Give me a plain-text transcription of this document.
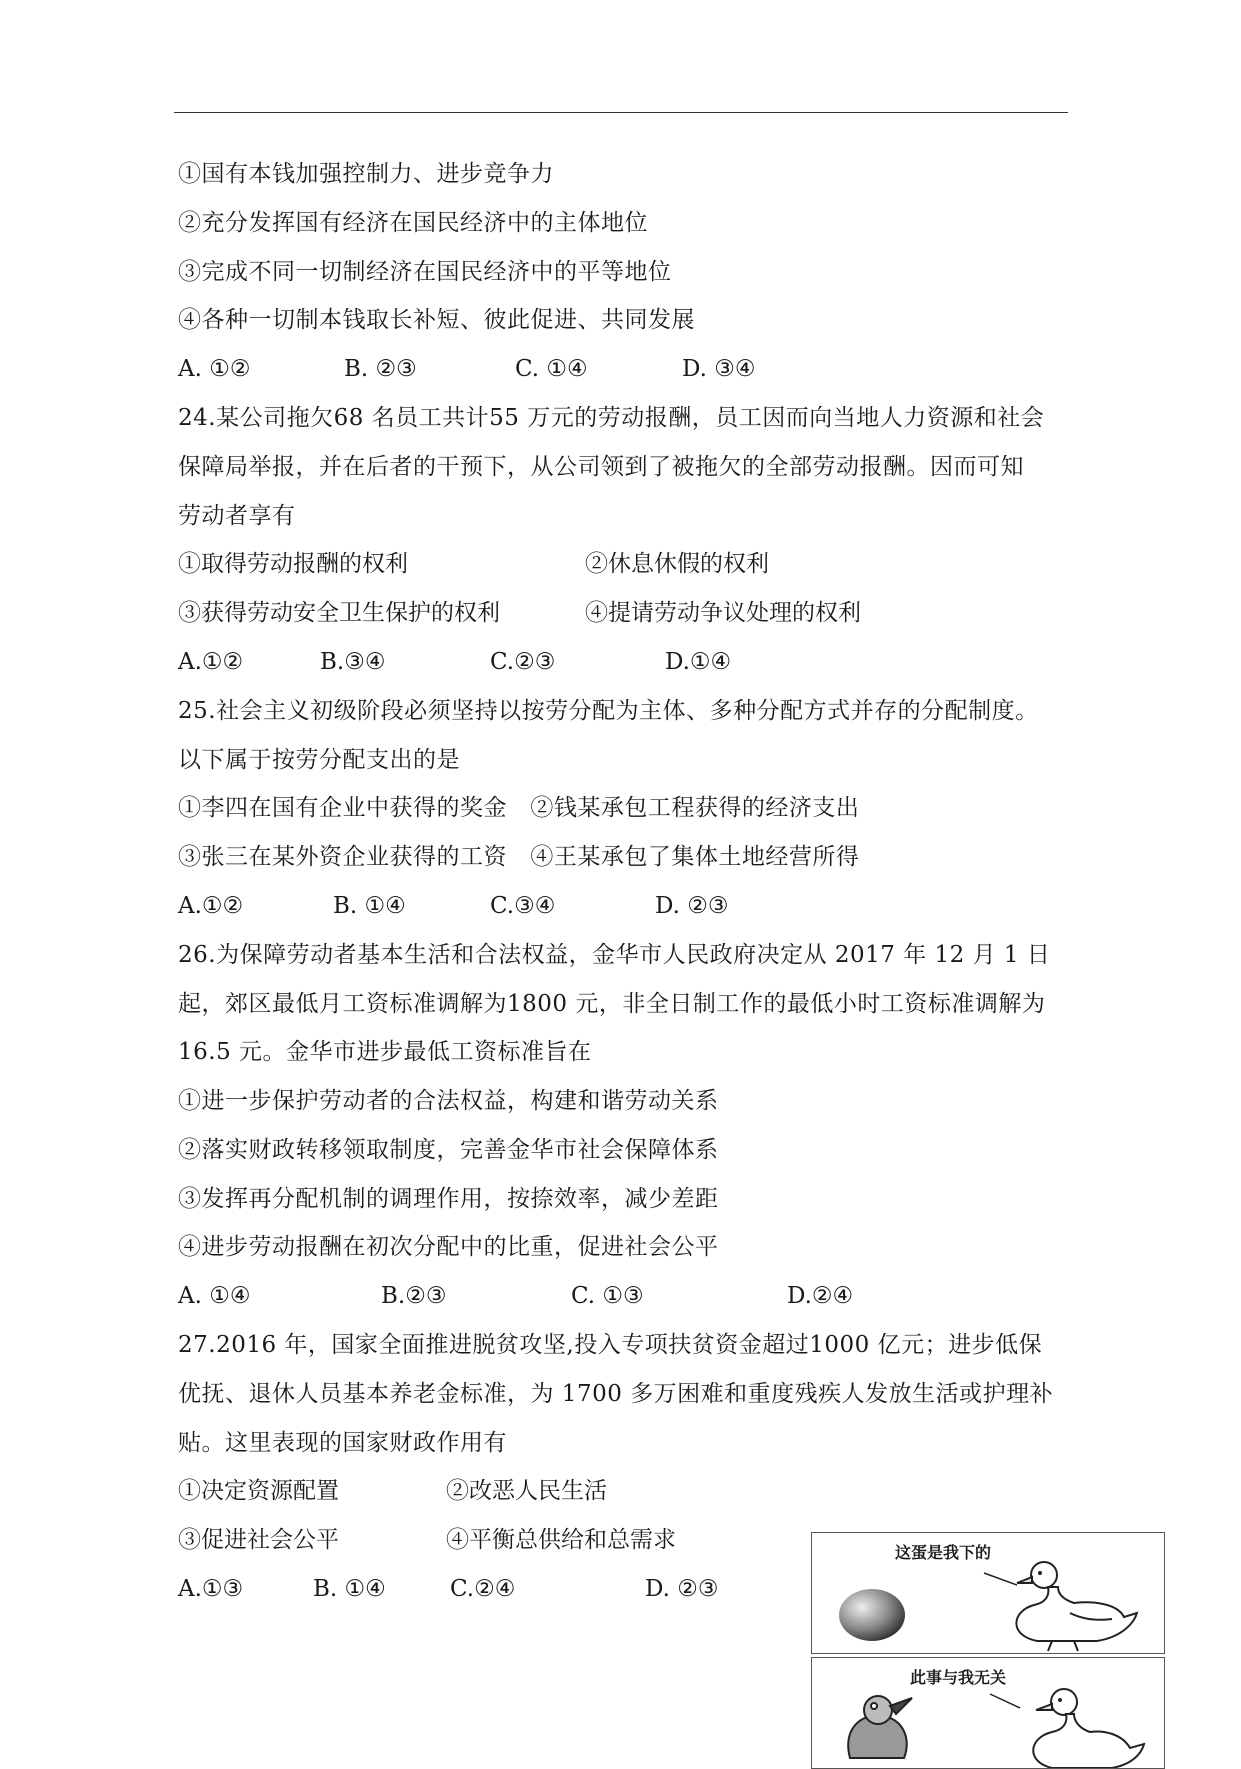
①国有本钱加强控制力、进步竞争力
②充分发挥国有经济在国民经济中的主体地位
③完成不同一切制经济在国民经济中的平等地位
④各种一切制本钱取长补短、彼此促进、共同发展
A. ①②	B. ②③	C. ①④	D. ③④
24.某公司拖欠68 名员工共计55 万元的劳动报酬，员工因而向当地人力资源和社会
保障局举报，并在后者的干预下，从公司领到了被拖欠的全部劳动报酬。因而可知
劳动者享有
①取得劳动报酬的权利	②休息休假的权利
③获得劳动安全卫生保护的权利	④提请劳动争议处理的权利
A.①②	B.③④	C.②③	D.①④
25.社会主义初级阶段必须坚持以按劳分配为主体、多种分配方式并存的分配制度。
以下属于按劳分配支出的是
①李四在国有企业中获得的奖金   ②钱某承包工程获得的经济支出
③张三在某外资企业获得的工资   ④王某承包了集体土地经营所得
A.①②	B. ①④	C.③④	D. ②③
26.为保障劳动者基本生活和合法权益，金华市人民政府决定从 2017 年 12 月 1 日
起，郊区最低月工资标准调解为1800 元，非全日制工作的最低小时工资标准调解为
16.5 元。金华市进步最低工资标准旨在
①进一步保护劳动者的合法权益，构建和谐劳动关系
②落实财政转移领取制度，完善金华市社会保障体系
③发挥再分配机制的调理作用，按捺效率，减少差距
④进步劳动报酬在初次分配中的比重，促进社会公平
A. ①④	B.②③	C. ①③	D.②④
27.2016 年，国家全面推进脱贫攻坚,投入专项扶贫资金超过1000 亿元；进步低保
优抚、退休人员基本养老金标准，为 1700 多万困难和重度残疾人发放生活或护理补
贴。这里表现的国家财政作用有
①决定资源配置	②改恶人民生活
③促进社会公平	④平衡总供给和总需求
A.①③	B. ①④	C.②④	D. ②③
这蛋是我下的
此事与我无关
